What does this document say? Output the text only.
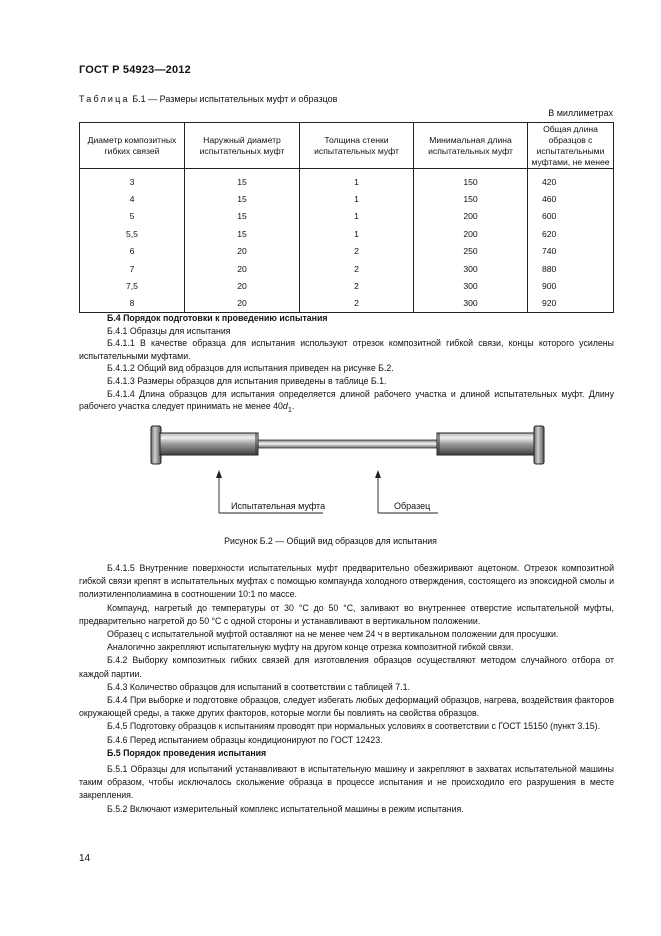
ГОСТ Р 54923—2012
Таблица Б.1 — Размеры испытательных муфт и образцов
В миллиметрах
Диаметр композитных гибких связей	Наружный диаметр испытательных муфт	Толщина стенки испытательных муфт	Минимальная длина испытательных муфт	Общая длина образцов с испытательными муфтами, не менее

3	15	1	150	420
4	15	1	150	460
5	15	1	200	600
5,5	15	1	200	620
6	20	2	250	740
7	20	2	300	880
7,5	20	2	300	900
8	20	2	300	920

Б.4 Порядок подготовки к проведению испытания

Б.4.1 Образцы для испытания

Б.4.1.1 В качестве образца для испытания используют отрезок композитной гибкой связи, концы которого усилены испытательными муфтами.

Б.4.1.2 Общий вид образцов для испытания приведен на рисунке Б.2.

Б.4.1.3 Размеры образцов для испытания приведены в таблице Б.1.

Б.4.1.4 Длина образцов для испытания определяется длиной рабочего участка и длиной испытательных муфт. Длину рабочего участка следует принимать не менее $40d_1$.

Испытательная муфта	Образец
Рисунок Б.2 — Общий вид образцов для испытания

Б.4.1.5 Внутренние поверхности испытательных муфт предварительно обезжиривают ацетоном. Отрезок композитной гибкой связи крепят в испытательных муфтах с помощью компаунда холодного отверждения, состоящего из эпоксидной смолы и полиэтиленполиамина в соотношении 10:1 по массе.

Компаунд, нагретый до температуры от 30 °С до 50 °С, заливают во внутреннее отверстие испытательной муфты, предварительно нагретой до 50 °С с одной стороны и устанавливают в вертикальном положении.

Образец с испытательной муфтой оставляют на не менее чем 24 ч в вертикальном положении для просушки.

Аналогично закрепляют испытательную муфту на другом конце отрезка композитной гибкой связи.

Б.4.2 Выборку композитных гибких связей для изготовления образцов осуществляют методом случайного отбора от каждой партии.

Б.4.3 Количество образцов для испытаний в соответствии с таблицей 7.1.

Б.4.4 При выборке и подготовке образцов, следует избегать любых деформаций образцов, нагрева, воздействия факторов окружающей среды, а также других факторов, которые могли бы повлиять на свойства образцов.

Б.4.5 Подготовку образцов к испытаниям проводят при нормальных условиях в соответствии с ГОСТ 15150 (пункт 3.15).

Б.4.6 Перед испытанием образцы кондиционируют по ГОСТ 12423.

Б.5 Порядок проведения испытания

Б.5.1 Образцы для испытаний устанавливают в испытательную машину и закрепляют в захватах испытательной машины таким образом, чтобы исключалось скольжение образца в процессе испытания и не происходило его разрушения в месте закрепления.

Б.5.2 Включают измерительный комплекс испытательной машины в режим испытания.

14
